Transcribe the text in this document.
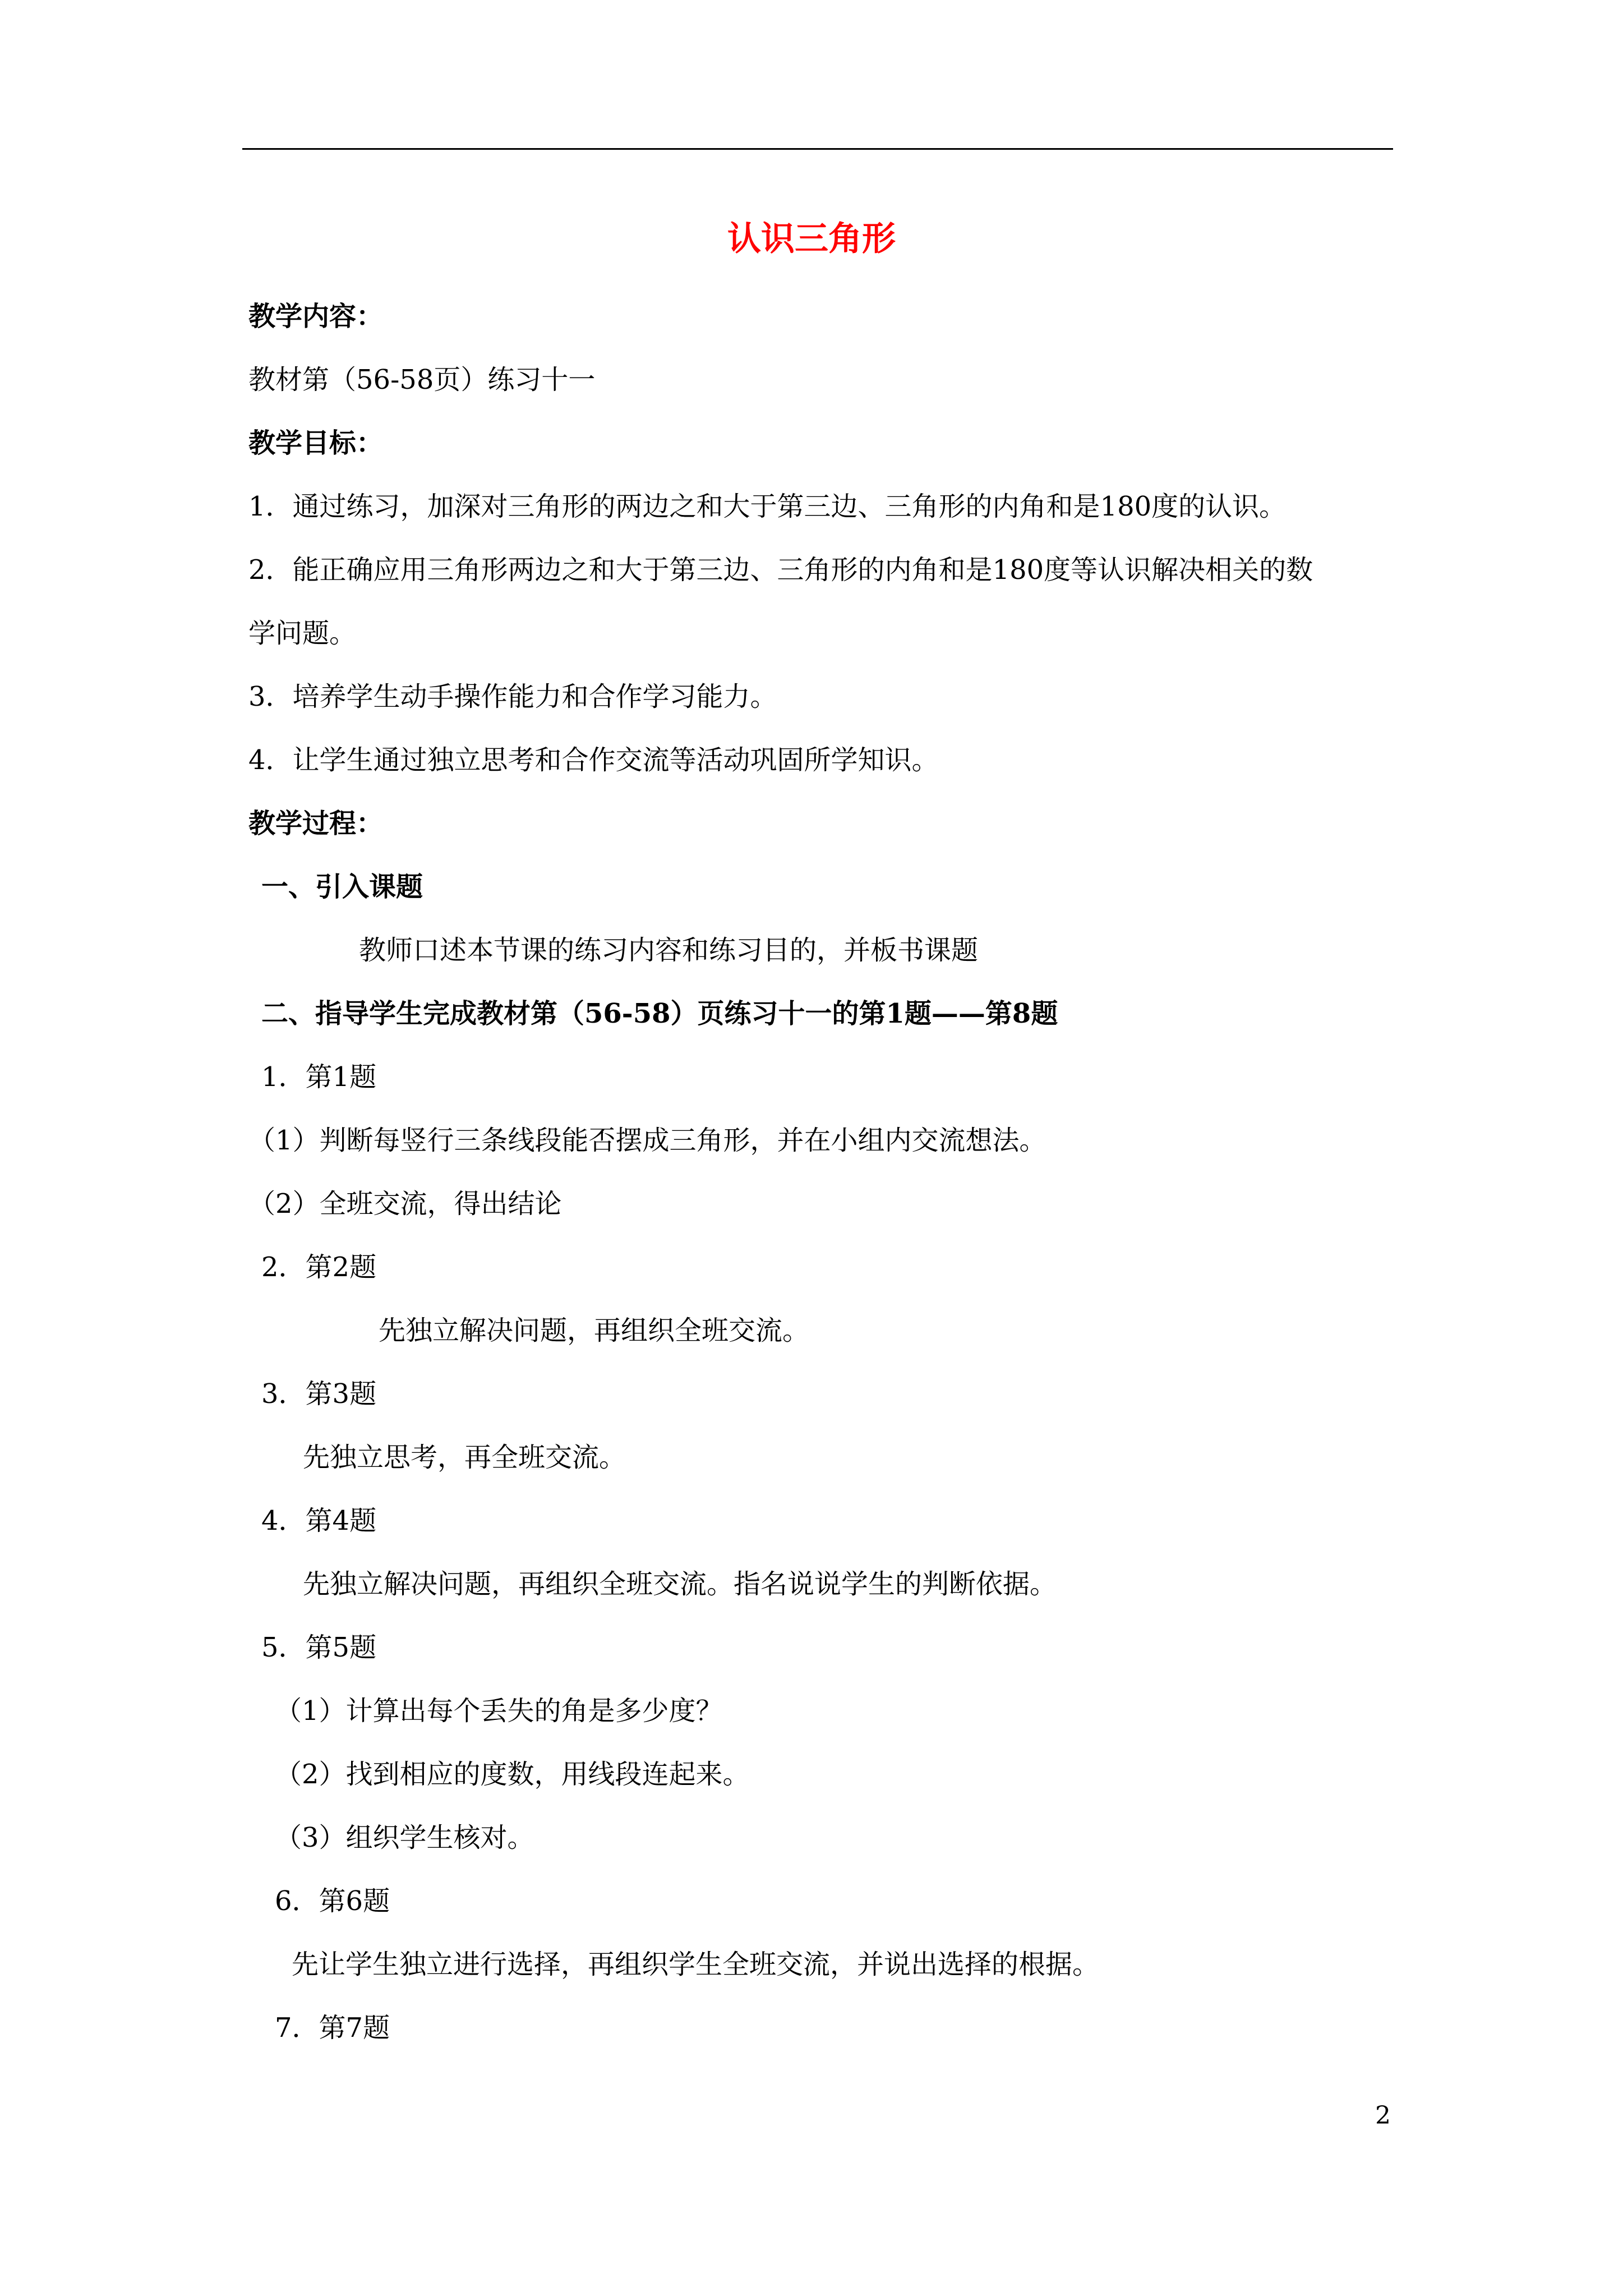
认识三角形
教学内容：
教材第（56-58页）练习十一
教学目标：
1．通过练习，加深对三角形的两边之和大于第三边、三角形的内角和是180度的认识。
2．能正确应用三角形两边之和大于第三边、三角形的内角和是180度等认识解决相关的数
学问题。
3．培养学生动手操作能力和合作学习能力。
4．让学生通过独立思考和合作交流等活动巩固所学知识。
教学过程：
一、引入课题
教师口述本节课的练习内容和练习目的，并板书课题
二、指导学生完成教材第（56-58）页练习十一的第1题——第8题
1．第1题
（1）判断每竖行三条线段能否摆成三角形，并在小组内交流想法。
（2）全班交流，得出结论
2．第2题
先独立解决问题，再组织全班交流。
3．第3题
先独立思考，再全班交流。
4．第4题
先独立解决问题，再组织全班交流。指名说说学生的判断依据。
5．第5题
（1）计算出每个丢失的角是多少度？
（2）找到相应的度数，用线段连起来。
（3）组织学生核对。
6．第6题
先让学生独立进行选择，再组织学生全班交流，并说出选择的根据。
7．第7题
2
